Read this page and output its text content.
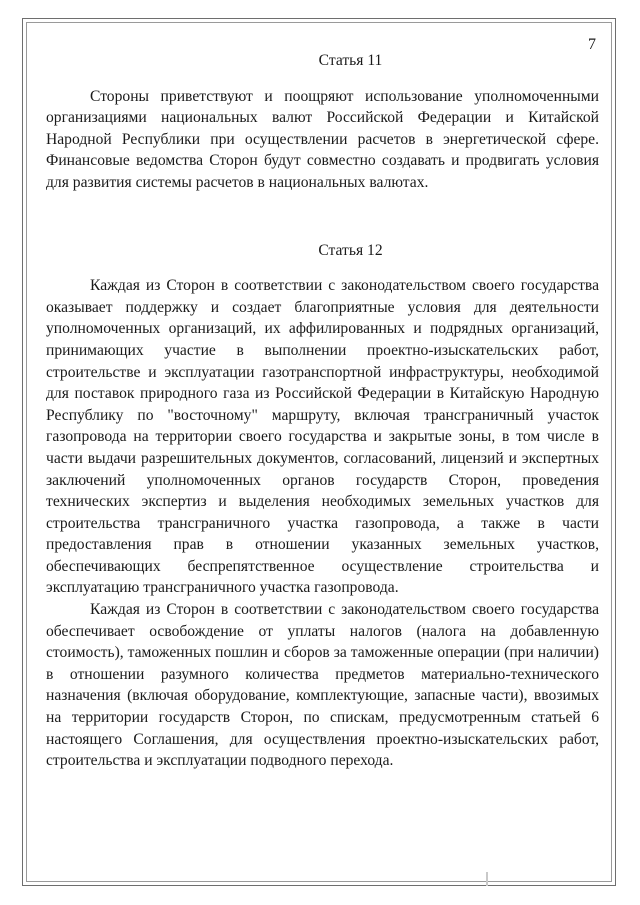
7
Статья 11

Стороны приветствуют и поощряют использование уполномоченными организациями национальных валют Российской Федерации и Китайской Народной Республики при осуществлении расчетов в энергетической сфере. Финансовые ведомства Сторон будут совместно создавать и продвигать условия для развития системы расчетов в национальных валютах.

Статья 12

Каждая из Сторон в соответствии с законодательством своего государства оказывает поддержку и создает благоприятные условия для деятельности уполномоченных организаций, их аффилированных и подрядных организаций, принимающих участие в выполнении проектно-изыскательских работ, строительстве и эксплуатации газотранспортной инфраструктуры, необходимой для поставок природного газа из Российской Федерации в Китайскую Народную Республику по "восточному" маршруту, включая трансграничный участок газопровода на территории своего государства и закрытые зоны, в том числе в части выдачи разрешительных документов, согласований, лицензий и экспертных заключений уполномоченных органов государств Сторон, проведения технических экспертиз и выделения необходимых земельных участков для строительства трансграничного участка газопровода, а также в части предоставления прав в отношении указанных земельных участков, обеспечивающих беспрепятственное осуществление строительства и эксплуатацию трансграничного участка газопровода.

Каждая из Сторон в соответствии с законодательством своего государства обеспечивает освобождение от уплаты налогов (налога на добавленную стоимость), таможенных пошлин и сборов за таможенные операции (при наличии) в отношении разумного количества предметов материально-технического назначения (включая оборудование, комплектующие, запасные части), ввозимых на территории государств Сторон, по спискам, предусмотренным статьей 6 настоящего Соглашения, для осуществления проектно-изыскательских работ, строительства и эксплуатации подводного перехода.
